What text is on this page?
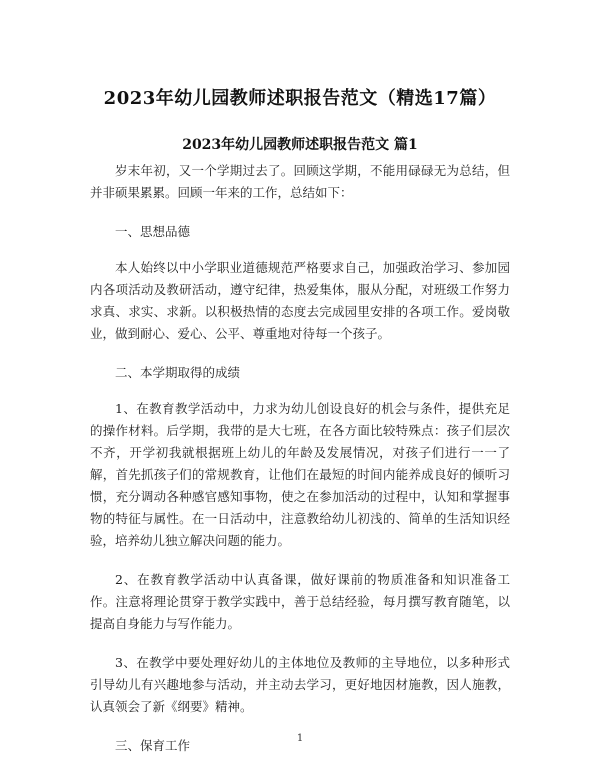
2023年幼儿园教师述职报告范文（精选17篇）
2023年幼儿园教师述职报告范文 篇1

岁末年初，又一个学期过去了。回顾这学期，不能用碌碌无为总结，但并非硕果累累。回顾一年来的工作，总结如下：

一、思想品德

本人始终以中小学职业道德规范严格要求自己，加强政治学习、参加园内各项活动及教研活动，遵守纪律，热爱集体，服从分配，对班级工作努力求真、求实、求新。以积极热情的态度去完成园里安排的各项工作。爱岗敬业，做到耐心、爱心、公平、尊重地对待每一个孩子。

二、本学期取得的成绩

1、在教育教学活动中，力求为幼儿创设良好的机会与条件，提供充足的操作材料。后学期，我带的是大七班，在各方面比较特殊点：孩子们层次不齐，开学初我就根据班上幼儿的年龄及发展情况，对孩子们进行一一了解，首先抓孩子们的常规教育，让他们在最短的时间内能养成良好的倾听习惯，充分调动各种感官感知事物，使之在参加活动的过程中，认知和掌握事物的特征与属性。在一日活动中，注意教给幼儿初浅的、简单的生活知识经验，培养幼儿独立解决问题的能力。

2、在教育教学活动中认真备课，做好课前的物质准备和知识准备工作。注意将理论贯穿于教学实践中，善于总结经验，每月撰写教育随笔，以提高自身能力与写作能力。

3、在教学中要处理好幼儿的主体地位及教师的主导地位，以多种形式引导幼儿有兴趣地参与活动，并主动去学习，更好地因材施教，因人施教，认真领会了新《纲要》精神。

三、保育工作	1
